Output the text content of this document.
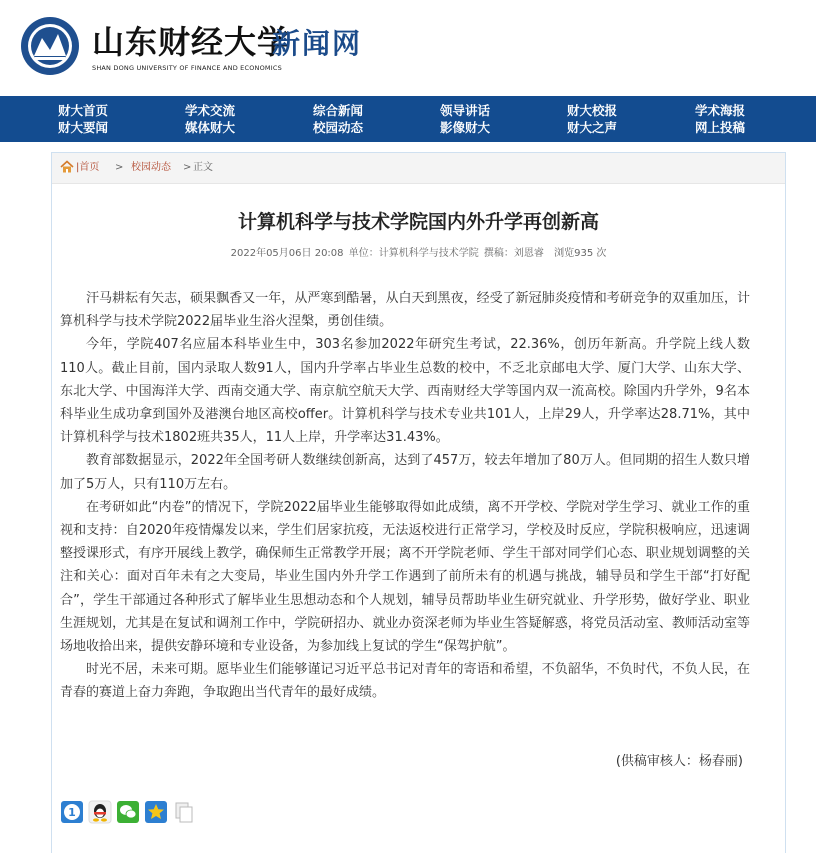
山东财经大学
SHAN DONG UNIVERSITY OF FINANCE AND ECONOMICS
新闻网
财大首页
财大要闻
学术交流
媒体财大
综合新闻
校园动态
领导讲话
影像财大
财大校报
财大之声
学术海报
网上投稿
|首页 > 校园动态 > 正文
计算机科学与技术学院国内外升学再创新高
2022年05月06日 20:08 单位：计算机科学与技术学院 撰稿：刘恩睿 浏览935 次

汗马耕耘有矢志，硕果飘香又一年，从严寒到酷暑，从白天到黑夜，经受了新冠肺炎疫情和考研竞争的双重加压，计算机科学与技术学院2022届毕业生浴火涅槃，勇创佳绩。

今年，学院407名应届本科毕业生中，303名参加2022年研究生考试，22.36%，创历年新高。升学院上线人数110人。截止目前，国内录取人数91人，国内升学率占毕业生总数的校中，不乏北京邮电大学、厦门大学、山东大学、东北大学、中国海洋大学、西南交通大学、南京航空航天大学、西南财经大学等国内双一流高校。除国内升学外，9名本科毕业生成功拿到国外及港澳台地区高校offer。计算机科学与技术专业共101人，上岸29人，升学率达28.71%，其中计算机科学与技术1802班共35人，11人上岸，升学率达31.43%。

教育部数据显示，2022年全国考研人数继续创新高，达到了457万，较去年增加了80万人。但同期的招生人数只增加了5万人，只有110万左右。

在考研如此“内卷”的情况下，学院2022届毕业生能够取得如此成绩，离不开学校、学院对学生学习、就业工作的重视和支持：自2020年疫情爆发以来，学生们居家抗疫，无法返校进行正常学习，学校及时反应，学院积极响应，迅速调整授课形式，有序开展线上教学，确保师生正常教学开展；离不开学院老师、学生干部对同学们心态、职业规划调整的关注和关心：面对百年未有之大变局，毕业生国内外升学工作遇到了前所未有的机遇与挑战，辅导员和学生干部“打好配合”，学生干部通过各种形式了解毕业生思想动态和个人规划，辅导员帮助毕业生研究就业、升学形势，做好学业、职业生涯规划，尤其是在复试和调剂工作中，学院研招办、就业办资深老师为毕业生答疑解惑，将党员活动室、教师活动室等场地收拾出来，提供安静环境和专业设备，为参加线上复试的学生“保驾护航”。

时光不居，未来可期。愿毕业生们能够谨记习近平总书记对青年的寄语和希望，不负韶华，不负时代，不负人民，在青春的赛道上奋力奔跑，争取跑出当代青年的最好成绩。

(供稿审核人：杨春丽)
1
